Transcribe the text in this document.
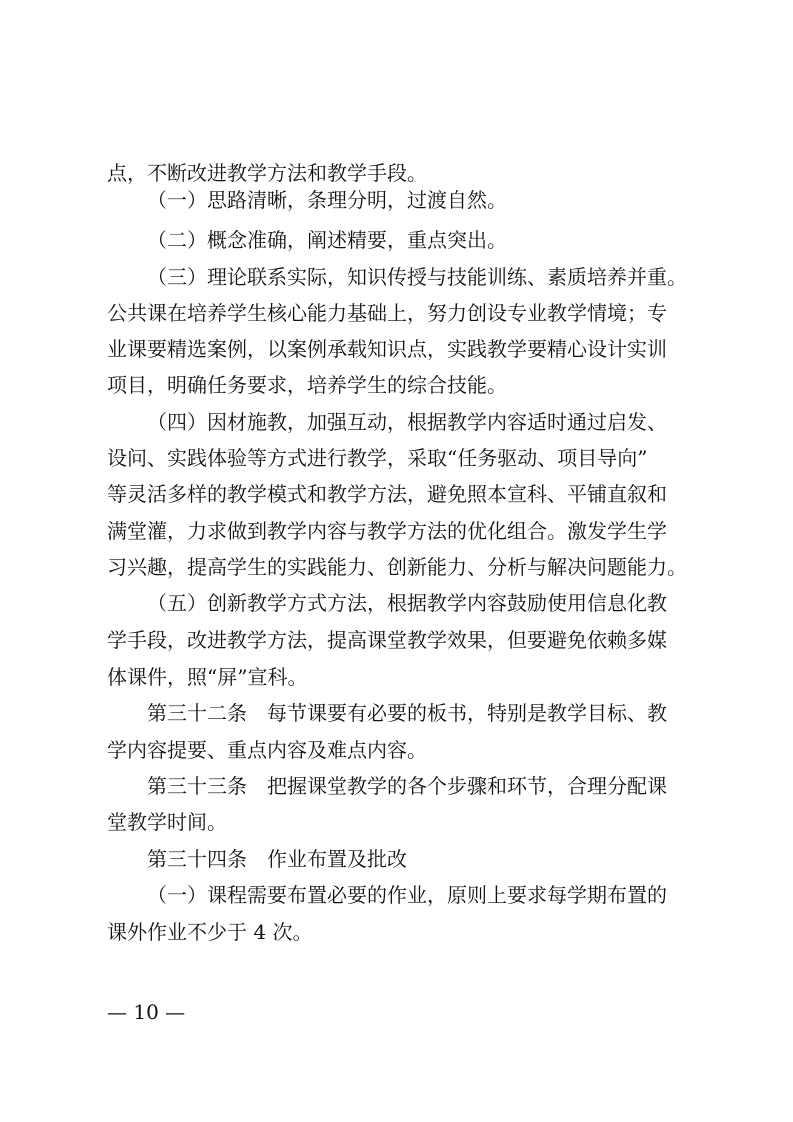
点，不断改进教学方法和教学手段。
（一）思路清晰，条理分明，过渡自然。
（二）概念准确，阐述精要，重点突出。
（三）理论联系实际，知识传授与技能训练、素质培养并重。
公共课在培养学生核心能力基础上，努力创设专业教学情境；专
业课要精选案例，以案例承载知识点，实践教学要精心设计实训
项目，明确任务要求，培养学生的综合技能。
（四）因材施教，加强互动，根据教学内容适时通过启发、
设问、实践体验等方式进行教学，采取“任务驱动、项目导向”
等灵活多样的教学模式和教学方法，避免照本宣科、平铺直叙和
满堂灌，力求做到教学内容与教学方法的优化组合。激发学生学
习兴趣，提高学生的实践能力、创新能力、分析与解决问题能力。
（五）创新教学方式方法，根据教学内容鼓励使用信息化教
学手段，改进教学方法，提高课堂教学效果，但要避免依赖多媒
体课件，照“屏”宣科。
第三十二条 每节课要有必要的板书，特别是教学目标、教
学内容提要、重点内容及难点内容。
第三十三条 把握课堂教学的各个步骤和环节，合理分配课
堂教学时间。
第三十四条 作业布置及批改
（一）课程需要布置必要的作业，原则上要求每学期布置的
课外作业不少于 4 次。
— 10 —
